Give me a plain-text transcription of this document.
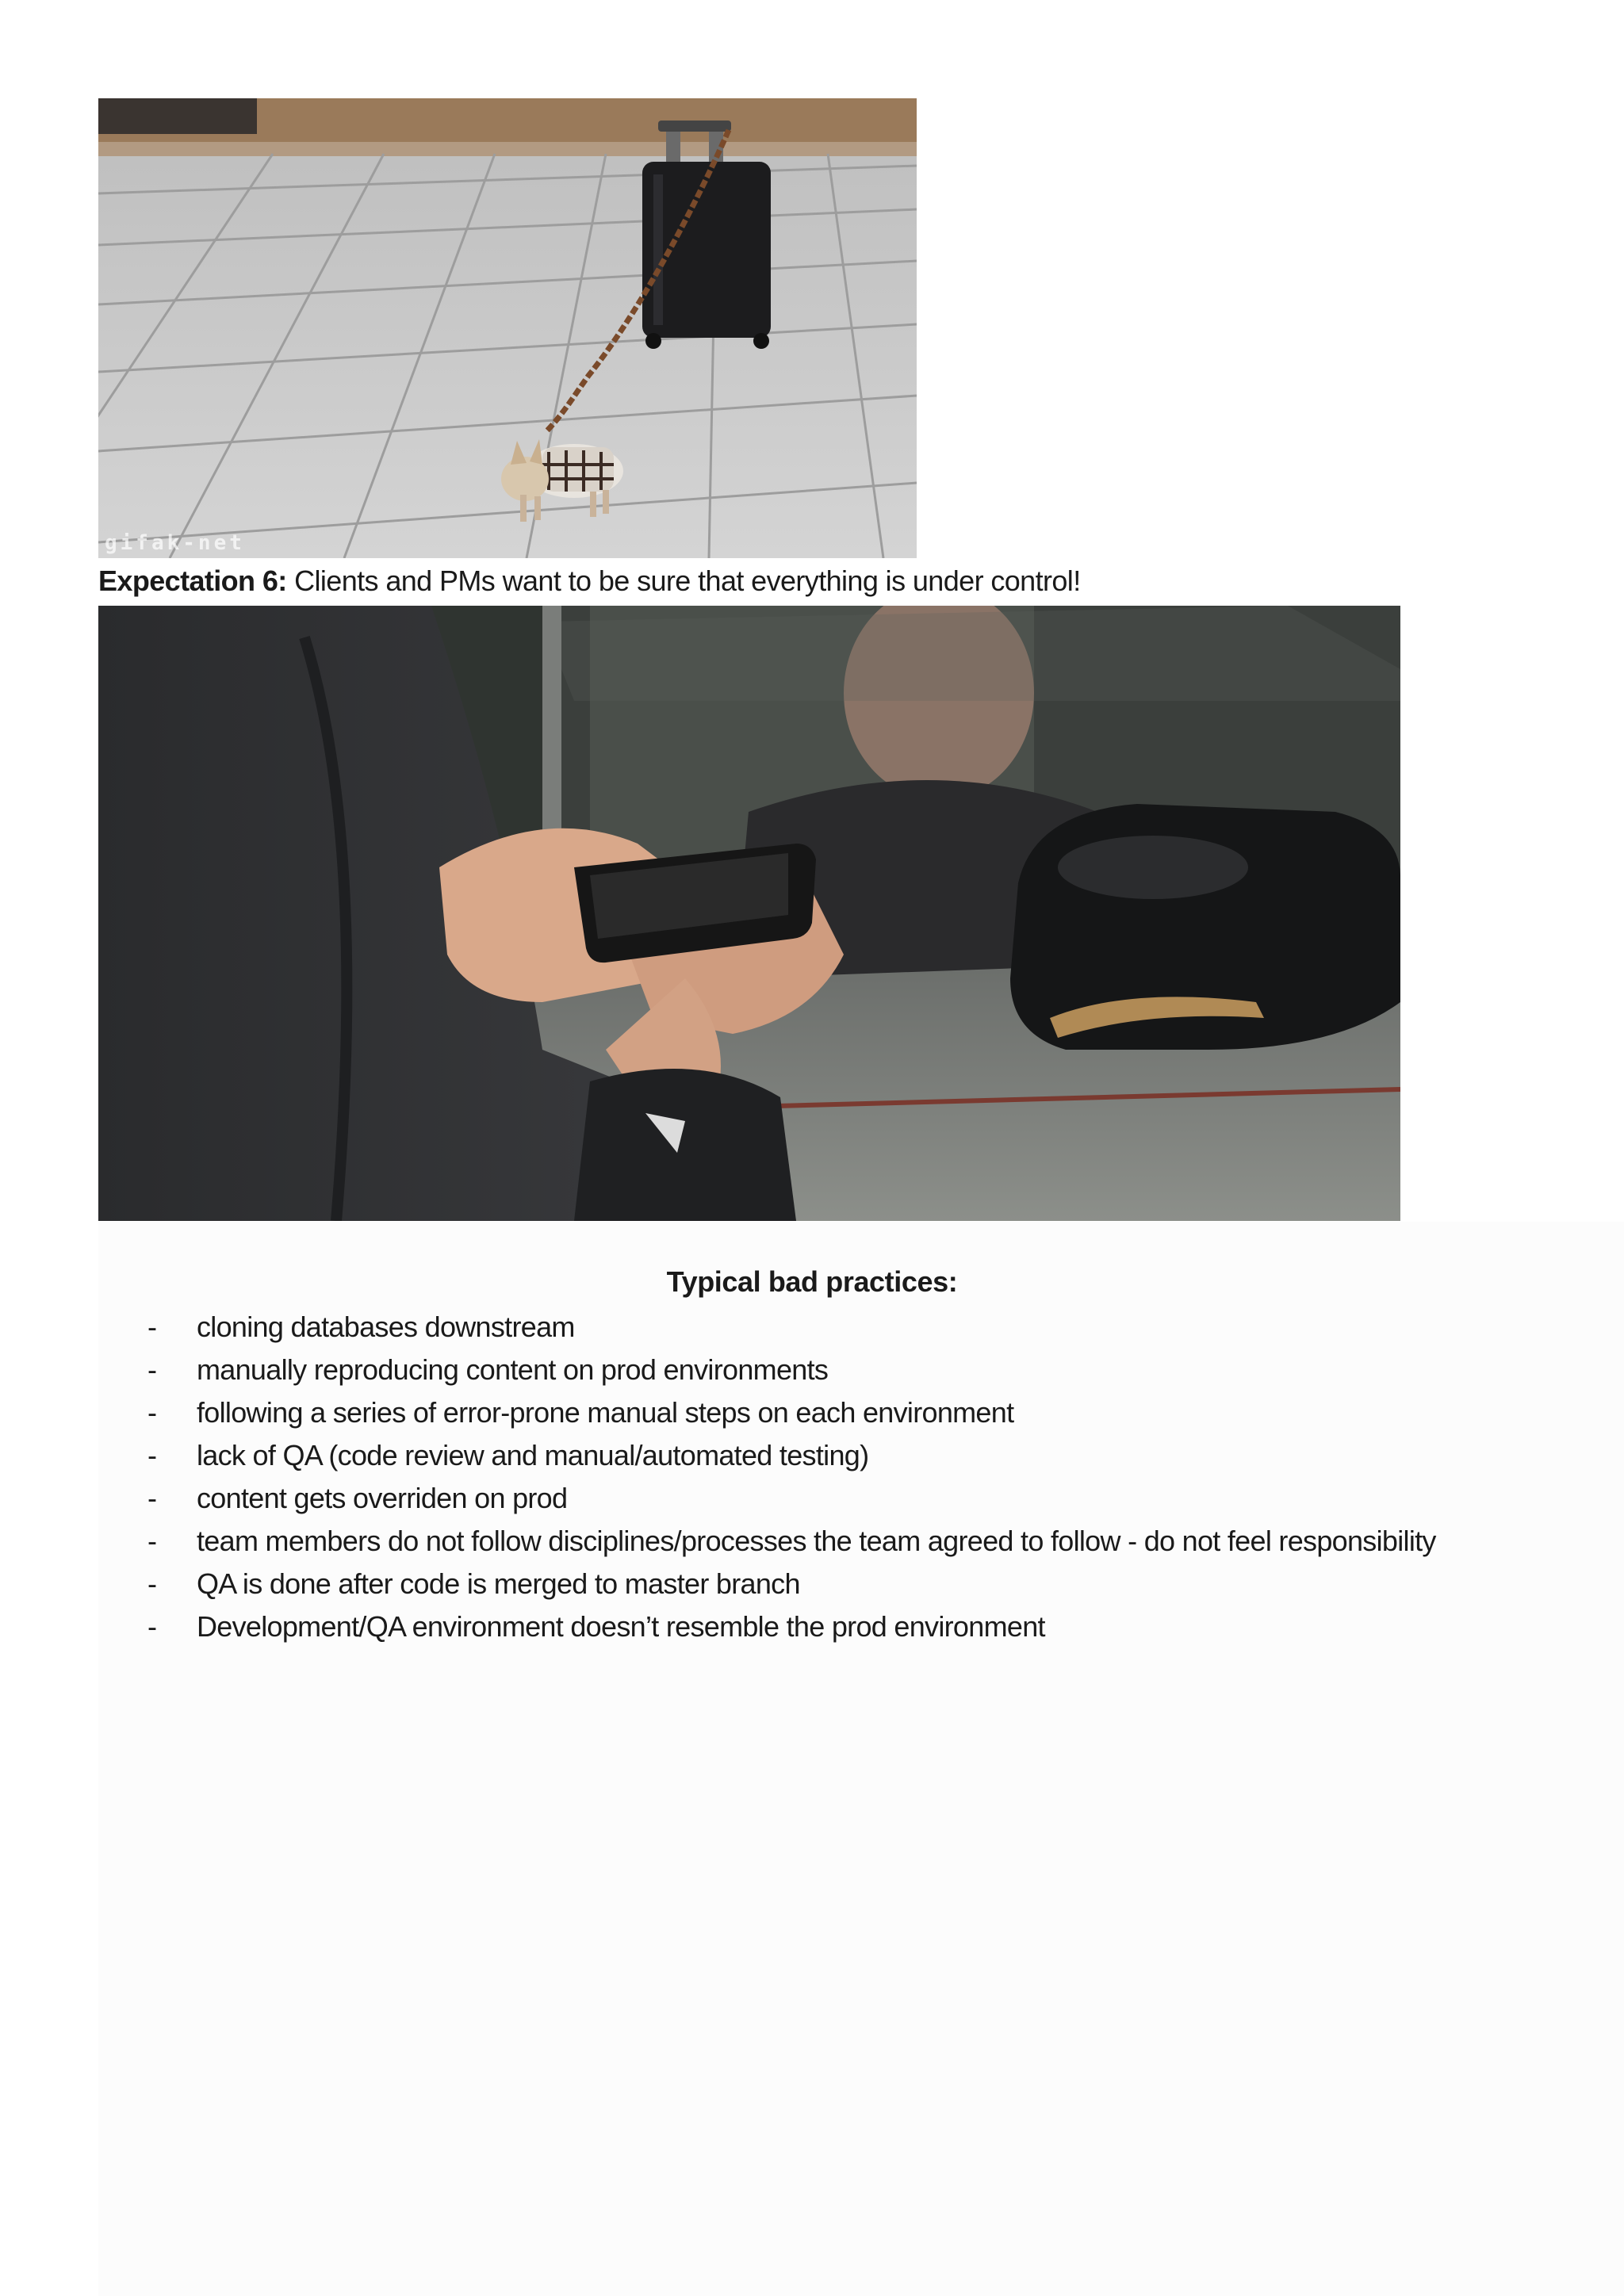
gifak-net
Expectation 6: Clients and PMs want to be sure that everything is under control!
Typical bad practices:
- cloning databases downstream
- manually reproducing content on prod environments
- following a series of error-prone manual steps on each environment
- lack of QA (code review and manual/automated testing)
- content gets overriden on prod
- team members do not follow disciplines/processes the team agreed to follow - do not feel responsibility
- QA is done after code is merged to master branch
- Development/QA environment doesn’t resemble the prod environment
